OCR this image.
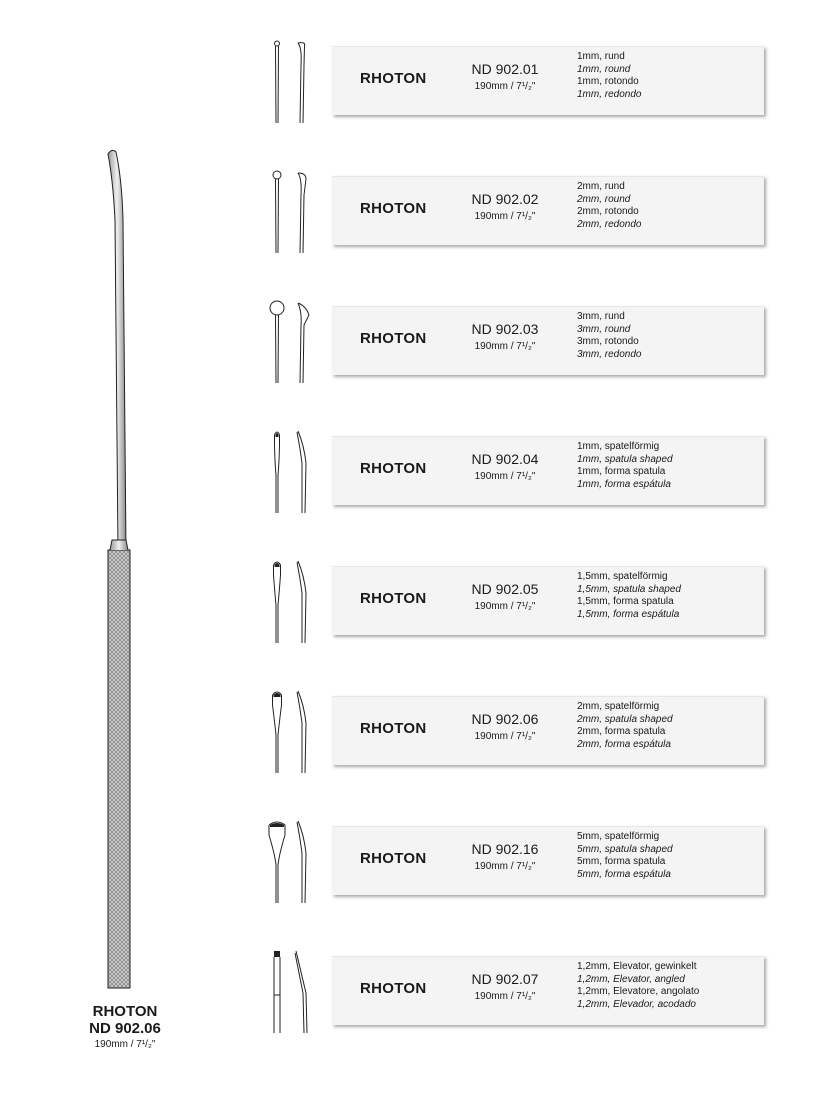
RHOTON
ND 902.06
190mm / 7¹/₂"
RHOTON
ND 902.01
190mm / 7¹/₂"
1mm, rund
1mm, round
1mm, rotondo
1mm, redondo
RHOTON
ND 902.02
190mm / 7¹/₂"
2mm, rund
2mm, round
2mm, rotondo
2mm, redondo
RHOTON
ND 902.03
190mm / 7¹/₂"
3mm, rund
3mm, round
3mm, rotondo
3mm, redondo
RHOTON
ND 902.04
190mm / 7¹/₂"
1mm, spatelförmig
1mm, spatula shaped
1mm, forma spatula
1mm, forma espátula
RHOTON
ND 902.05
190mm / 7¹/₂"
1,5mm, spatelförmig
1,5mm, spatula shaped
1,5mm, forma spatula
1,5mm, forma espátula
RHOTON
ND 902.06
190mm / 7¹/₂"
2mm, spatelförmig
2mm, spatula shaped
2mm, forma spatula
2mm, forma espátula
RHOTON
ND 902.16
190mm / 7¹/₂"
5mm, spatelförmig
5mm, spatula shaped
5mm, forma spatula
5mm, forma espátula
RHOTON
ND 902.07
190mm / 7¹/₂"
1,2mm, Elevator, gewinkelt
1,2mm, Elevator, angled
1,2mm, Elevatore, angolato
1,2mm, Elevador, acodado
